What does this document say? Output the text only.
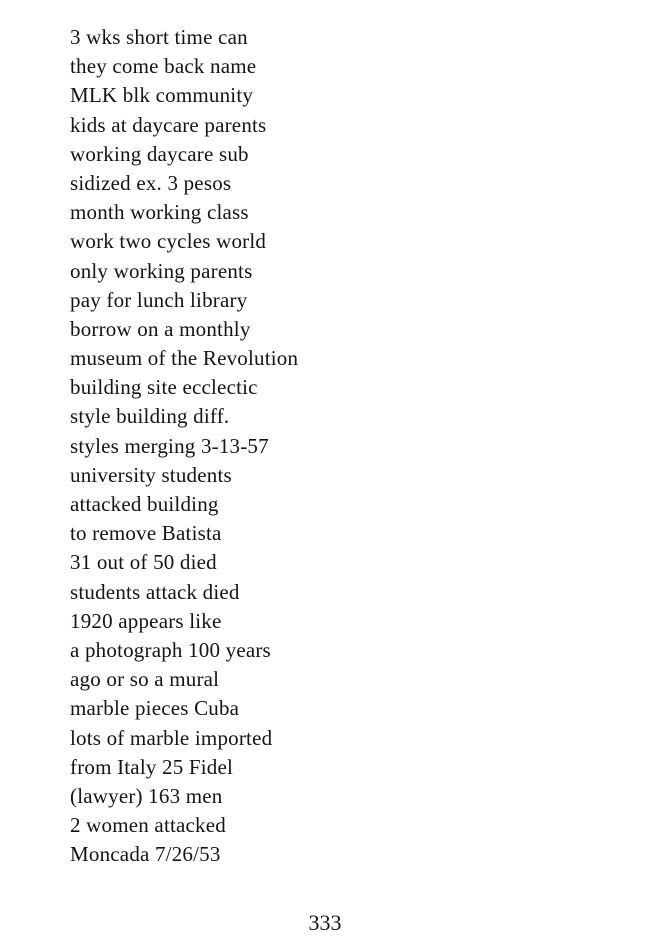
3 wks short time can
they come back name
MLK blk community
kids at daycare parents
working daycare sub
sidized ex. 3 pesos
month working class
work two cycles world
only working parents
pay for lunch library
borrow on a monthly
museum of the Revolution
building site ecclectic
style building diff.
styles merging 3-13-57
university students
attacked building
to remove Batista
31 out of 50 died
students attack died
1920 appears like
a photograph 100 years
ago or so a mural
marble pieces Cuba
lots of marble imported
from Italy 25 Fidel
(lawyer) 163 men
2 women attacked
Moncada 7/26/53
333
